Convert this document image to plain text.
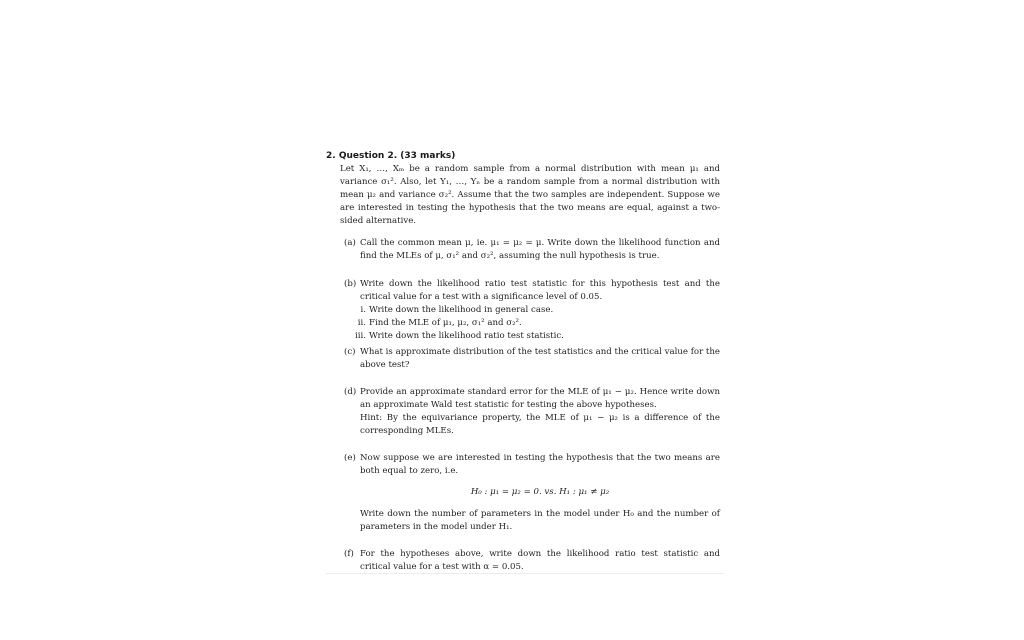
2. Question 2. (33 marks)
Let X₁, …, Xₘ be a random sample from a normal distribution with mean μ₁ and variance σ₁². Also, let Y₁, …, Yₙ be a random sample from a normal distribution with mean μ₂ and variance σ₂². Assume that the two samples are independent. Suppose we are interested in testing the hypothesis that the two means are equal, against a two-sided alternative.
(a) Call the common mean μ, ie. μ₁ = μ₂ = μ. Write down the likelihood function and find the MLEs of μ, σ₁² and σ₂², assuming the null hypothesis is true.
(b) Write down the likelihood ratio test statistic for this hypothesis test and the critical value for a test with a significance level of 0.05.
i. Write down the likelihood in general case.
ii. Find the MLE of μ₁, μ₂, σ₁² and σ₂².
iii. Write down the likelihood ratio test statistic.
(c) What is approximate distribution of the test statistics and the critical value for the above test?
(d) Provide an approximate standard error for the MLE of μ₁ − μ₂. Hence write down an approximate Wald test statistic for testing the above hypotheses.
Hint: By the equivariance property, the MLE of μ₁ − μ₂ is a difference of the corresponding MLEs.
(e) Now suppose we are interested in testing the hypothesis that the two means are both equal to zero, i.e.
H₀ : μ₁ = μ₂ = 0. vs. H₁ : μ₁ ≠ μ₂
Write down the number of parameters in the model under H₀ and the number of parameters in the model under H₁.
(f) For the hypotheses above, write down the likelihood ratio test statistic and critical value for a test with α = 0.05.
